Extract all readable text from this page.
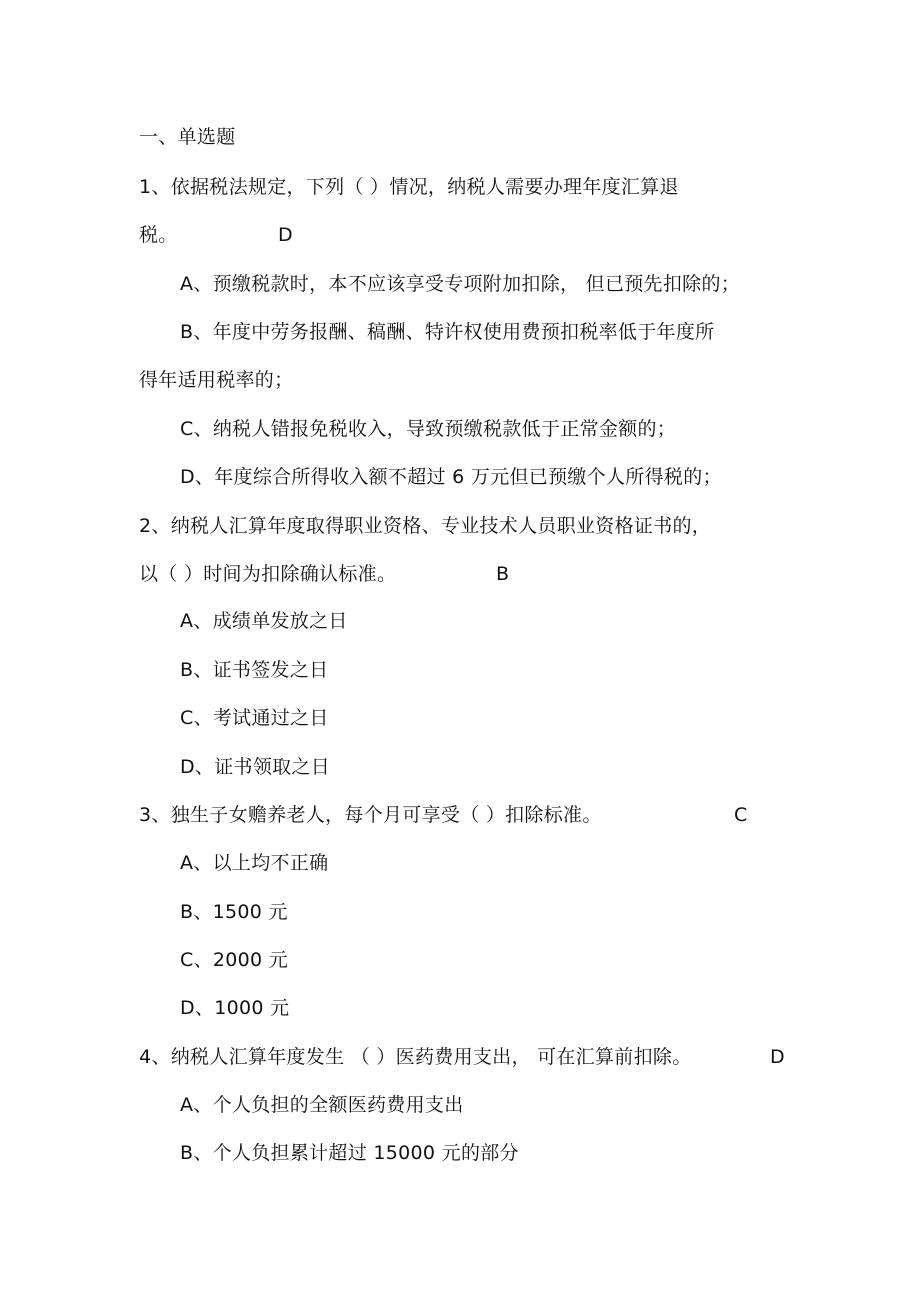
一、单选题
1、依据税法规定，下列（ ）情况，纳税人需要办理年度汇算退
税。	D
A、预缴税款时，本不应该享受专项附加扣除， 但已预先扣除的；
B、年度中劳务报酬、稿酬、特许权使用费预扣税率低于年度所
得年适用税率的；
C、纳税人错报免税收入，导致预缴税款低于正常金额的；
D、年度综合所得收入额不超过 6 万元但已预缴个人所得税的；
2、纳税人汇算年度取得职业资格、专业技术人员职业资格证书的，
以（ ）时间为扣除确认标准。	B
A、成绩单发放之日
B、证书签发之日
C、考试通过之日
D、证书领取之日
3、独生子女赡养老人，每个月可享受（ ）扣除标准。	C
A、以上均不正确
B、1500 元
C、2000 元
D、1000 元
4、纳税人汇算年度发生 （ ）医药费用支出， 可在汇算前扣除。	D
A、个人负担的全额医药费用支出
B、个人负担累计超过 15000 元的部分
